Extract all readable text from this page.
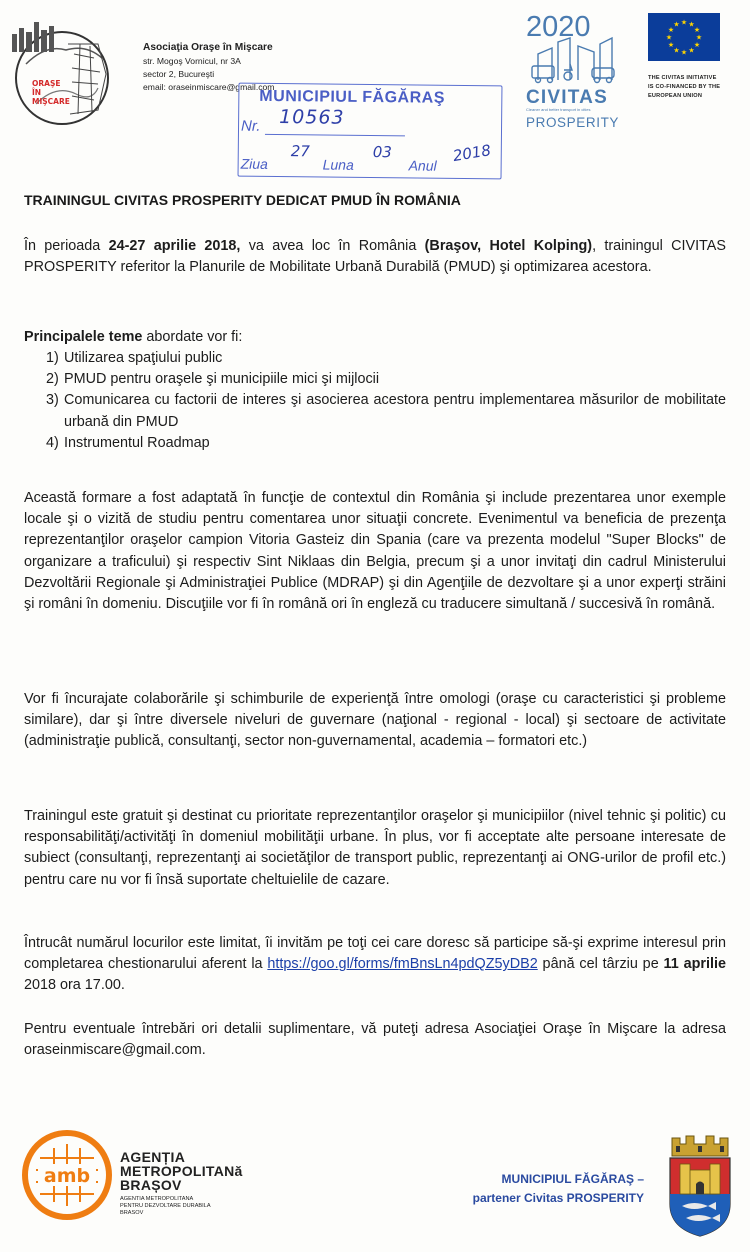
ORAŞE
ÎN
MIŞCARE
Asociaţia Oraşe în Mişcare
str. Mogoş Vornicul, nr 3A
sector 2, Bucureşti
email: oraseinmiscare@gmail.com
MUNICIPIUL FĂGĂRAŞ
Nr. 10563
Ziua
27
Luna
03
Anul
2018
2020
CIVITAS
Cleaner and better transport in cities
PROSPERITY
★ ★
★
★
★
★
★
★
★
★
★
★
THE CIVITAS INITIATIVE
IS CO-FINANCED BY THE
EUROPEAN UNION
TRAININGUL CIVITAS PROSPERITY DEDICAT PMUD ÎN ROMÂNIA
În perioada 24-27 aprilie 2018, va avea loc în România (Braşov, Hotel Kolping), trainingul CIVITAS PROSPERITY referitor la Planurile de Mobilitate Urbană Durabilă (PMUD) şi optimizarea acestora.
Principalele teme abordate vor fi:
1) Utilizarea spaţiului public
2) PMUD pentru oraşele şi municipiile mici şi mijlocii
3) Comunicarea cu factorii de interes şi asocierea acestora pentru implementarea măsurilor de mobilitate urbană din PMUD
4) Instrumentul Roadmap
Această formare a fost adaptată în funcţie de contextul din România şi include prezentarea unor exemple locale şi o vizită de studiu pentru comentarea unor situaţii concrete. Evenimentul va beneficia de prezenţa reprezentanţilor oraşelor campion Vitoria Gasteiz din Spania (care va prezenta modelul "Super Blocks" de organizare a traficului) şi respectiv Sint Niklaas din Belgia, precum şi a unor invitaţi din cadrul Ministerului Dezvoltării Regionale şi Administraţiei Publice (MDRAP) şi din Agenţiile de dezvoltare şi a unor experţi străini şi români în domeniu. Discuţiile vor fi în română ori în engleză cu traducere simultană / succesivă în română.
Vor fi încurajate colaborările şi schimburile de experienţă între omologi (oraşe cu caracteristici şi probleme similare), dar şi între diversele niveluri de guvernare (naţional - regional - local) şi sectoare de activitate (administraţie publică, consultanţi, sector non-guvernamental, academia – formatori etc.)
Trainingul este gratuit şi destinat cu prioritate reprezentanţilor oraşelor şi municipiilor (nivel tehnic şi politic) cu responsabilităţi/activităţi în domeniul mobilităţii urbane. În plus, vor fi acceptate alte persoane interesate de subiect (consultanţi, reprezentanţi ai societăţilor de transport public, reprezentanţi ai ONG-urilor de profil etc.) pentru care nu vor fi însă suportate cheltuielile de cazare.
Întrucât numărul locurilor este limitat, îi invităm pe toţi cei care doresc să participe să-şi exprime interesul prin completarea chestionarului aferent la https://goo.gl/forms/fmBnsLn4pdQZ5yDB2 până cel târziu pe 11 aprilie 2018 ora 17.00.
Pentru eventuale întrebări ori detalii suplimentare, vă puteţi adresa Asociaţiei Oraşe în Mişcare la adresa oraseinmiscare@gmail.com.
amb
AGENȚIA
METROPOLITANă
BRAȘOV
AGENTIA METROPOLITANA
PENTRU DEZVOLTARE DURABILA
BRASOV
MUNICIPIUL FĂGĂRAŞ –
partener Civitas PROSPERITY
